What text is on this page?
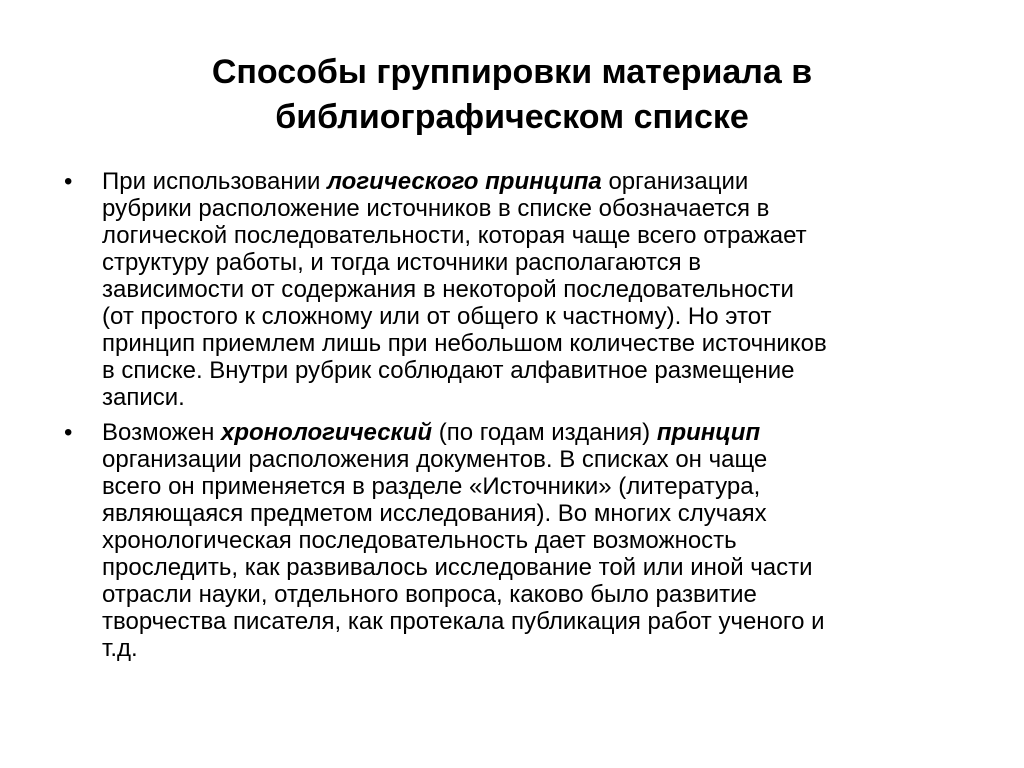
Способы группировки материала в
библиографическом списке
•	При использовании логического принципа организации
рубрики расположение источников в списке обозначается в
логической последовательности, которая чаще всего отражает
структуру работы, и тогда источники располагаются в
зависимости от содержания в некоторой последовательности
(от простого к сложному или от общего к частному). Но этот
принцип приемлем лишь при небольшом количестве источников
в списке. Внутри рубрик соблюдают алфавитное размещение
записи.
•	Возможен хронологический (по годам издания) принцип
организации расположения документов. В списках он чаще
всего он применяется в разделе «Источники» (литература,
являющаяся предметом исследования). Во многих случаях
хронологическая последовательность дает возможность
проследить, как развивалось исследование той или иной части
отрасли науки, отдельного вопроса, каково было развитие
творчества писателя, как протекала публикация работ ученого и
т.д.
